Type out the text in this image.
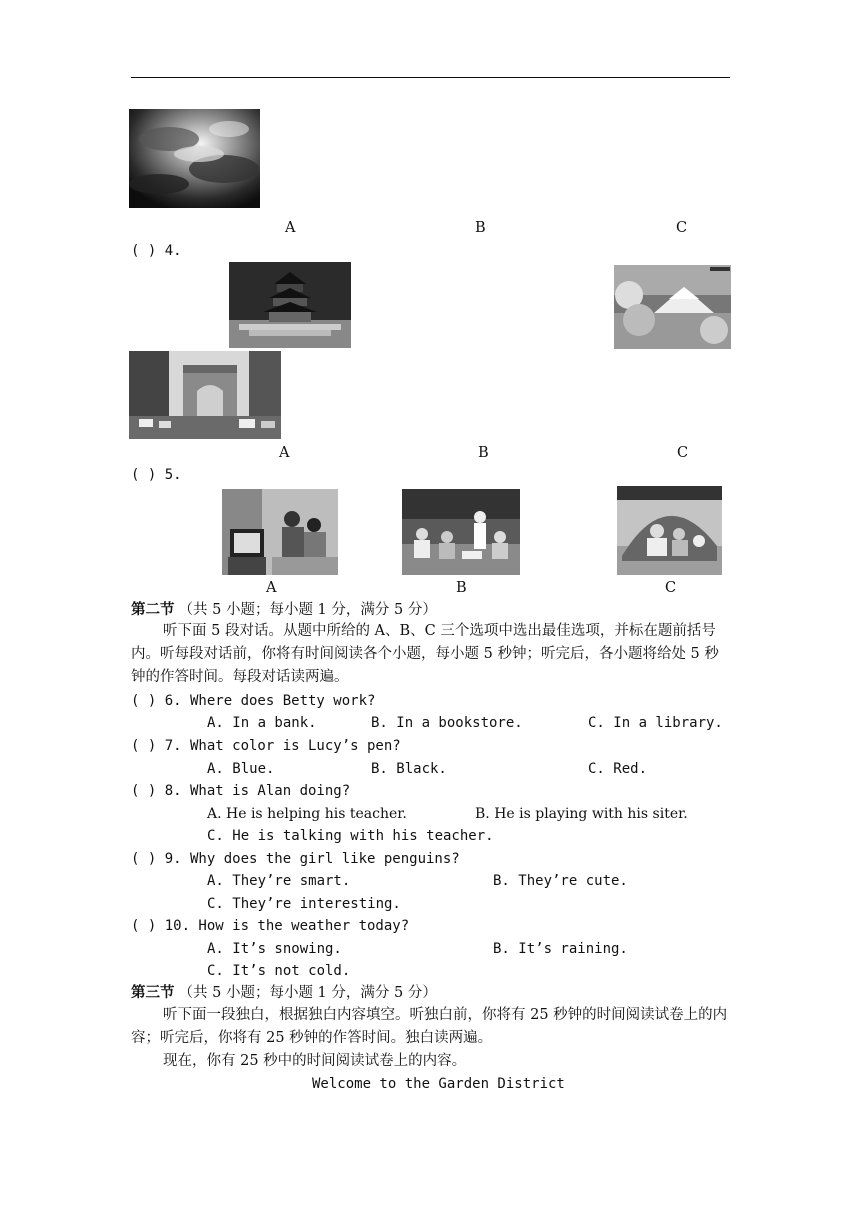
A	B	C
( ) 4.
A	B	C
( ) 5.
A	B	C
第二节 （共 5 小题；每小题 1 分，满分 5 分）
听下面 5 段对话。从题中所给的 A、B、C 三个选项中选出最佳选项，并标在题前括号内。听每段对话前，你将有时间阅读各个小题，每小题 5 秒钟；听完后，各小题将给处 5 秒钟的作答时间。每段对话读两遍。
( ) 6. Where does Betty work?
A. In a bank.	B. In a bookstore.	C. In a library.
( ) 7. What color is Lucy’s pen?
A. Blue.	B. Black.	C. Red.
( ) 8. What is Alan doing?
A. He is helping his teacher.	B. He is playing with his siter.
C. He is talking with his teacher.
( ) 9. Why does the girl like penguins?
A. They’re smart.	B. They’re cute.
C. They’re interesting.
( ) 10. How is the weather today?
A. It’s snowing.	B. It’s raining.
C. It’s not cold.
第三节 （共 5 小题；每小题 1 分，满分 5 分）
听下面一段独白，根据独白内容填空。听独白前，你将有 25 秒钟的时间阅读试卷上的内容；听完后，你将有 25 秒钟的作答时间。独白读两遍。
现在，你有 25 秒中的时间阅读试卷上的内容。
Welcome to the Garden District
